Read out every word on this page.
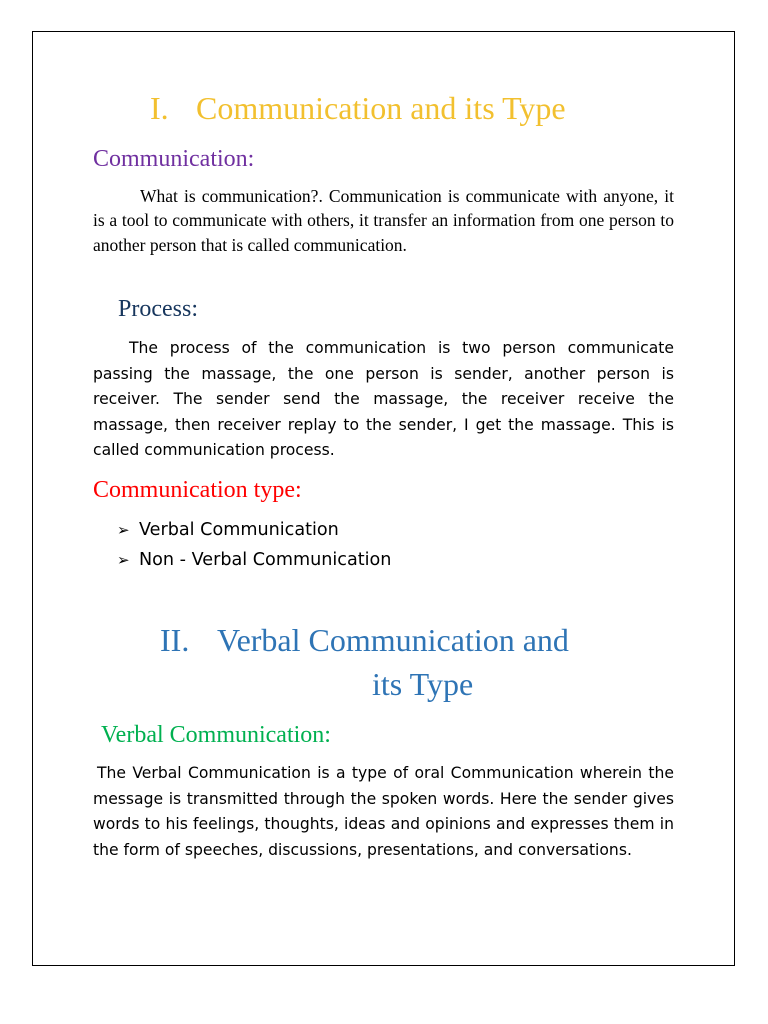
I. Communication and its Type
Communication:
What is communication?. Communication is communicate with anyone, it is a tool to communicate with others, it transfer an information from one person to another person that is called communication.
Process:
The process of the communication is two person communicate passing the massage, the one person is sender, another person is receiver. The sender send the massage, the receiver receive the massage, then receiver replay to the sender, I get the massage. This is called communication process.
Communication type:
➢ Verbal Communication
➢ Non - Verbal Communication
II. Verbal Communication and
its Type
Verbal Communication:
The Verbal Communication is a type of oral Communication wherein the message is transmitted through the spoken words. Here the sender gives words to his feelings, thoughts, ideas and opinions and expresses them in the form of speeches, discussions, presentations, and conversations.
